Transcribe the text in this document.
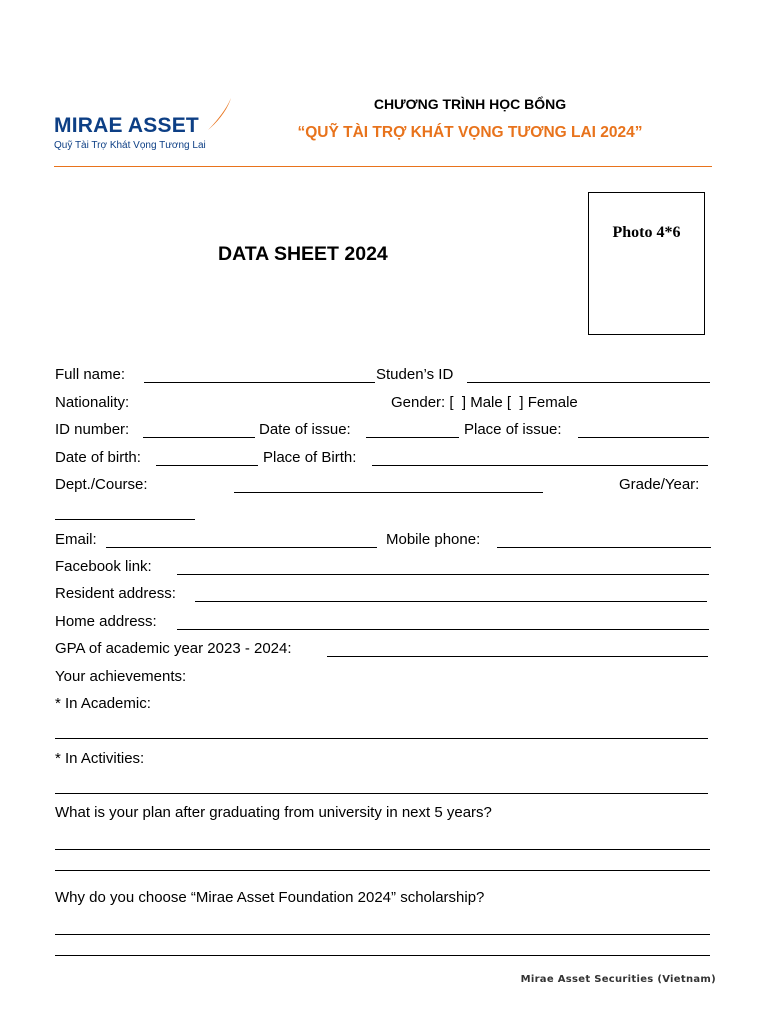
MIRAE ASSET
Quỹ Tài Trợ Khát Vọng Tương Lai
CHƯƠNG TRÌNH HỌC BỔNG
“QUỸ TÀI TRỢ KHÁT VỌNG TƯƠNG LAI 2024”
Photo 4*6
DATA SHEET 2024
Full name:	Studen’s ID
Nationality:	Gender: [  ] Male [  ] Female
ID number:	Date of issue:	Place of issue:
Date of birth:	Place of Birth:
Dept./Course:	Grade/Year:
Email:	Mobile phone:
Facebook link:
Resident address:
Home address:
GPA of academic year 2023 - 2024:
Your achievements:
* In Academic:
* In Activities:
What is your plan after graduating from university in next 5 years?
Why do you choose “Mirae Asset Foundation 2024” scholarship?
Mirae Asset Securities (Vietnam)
